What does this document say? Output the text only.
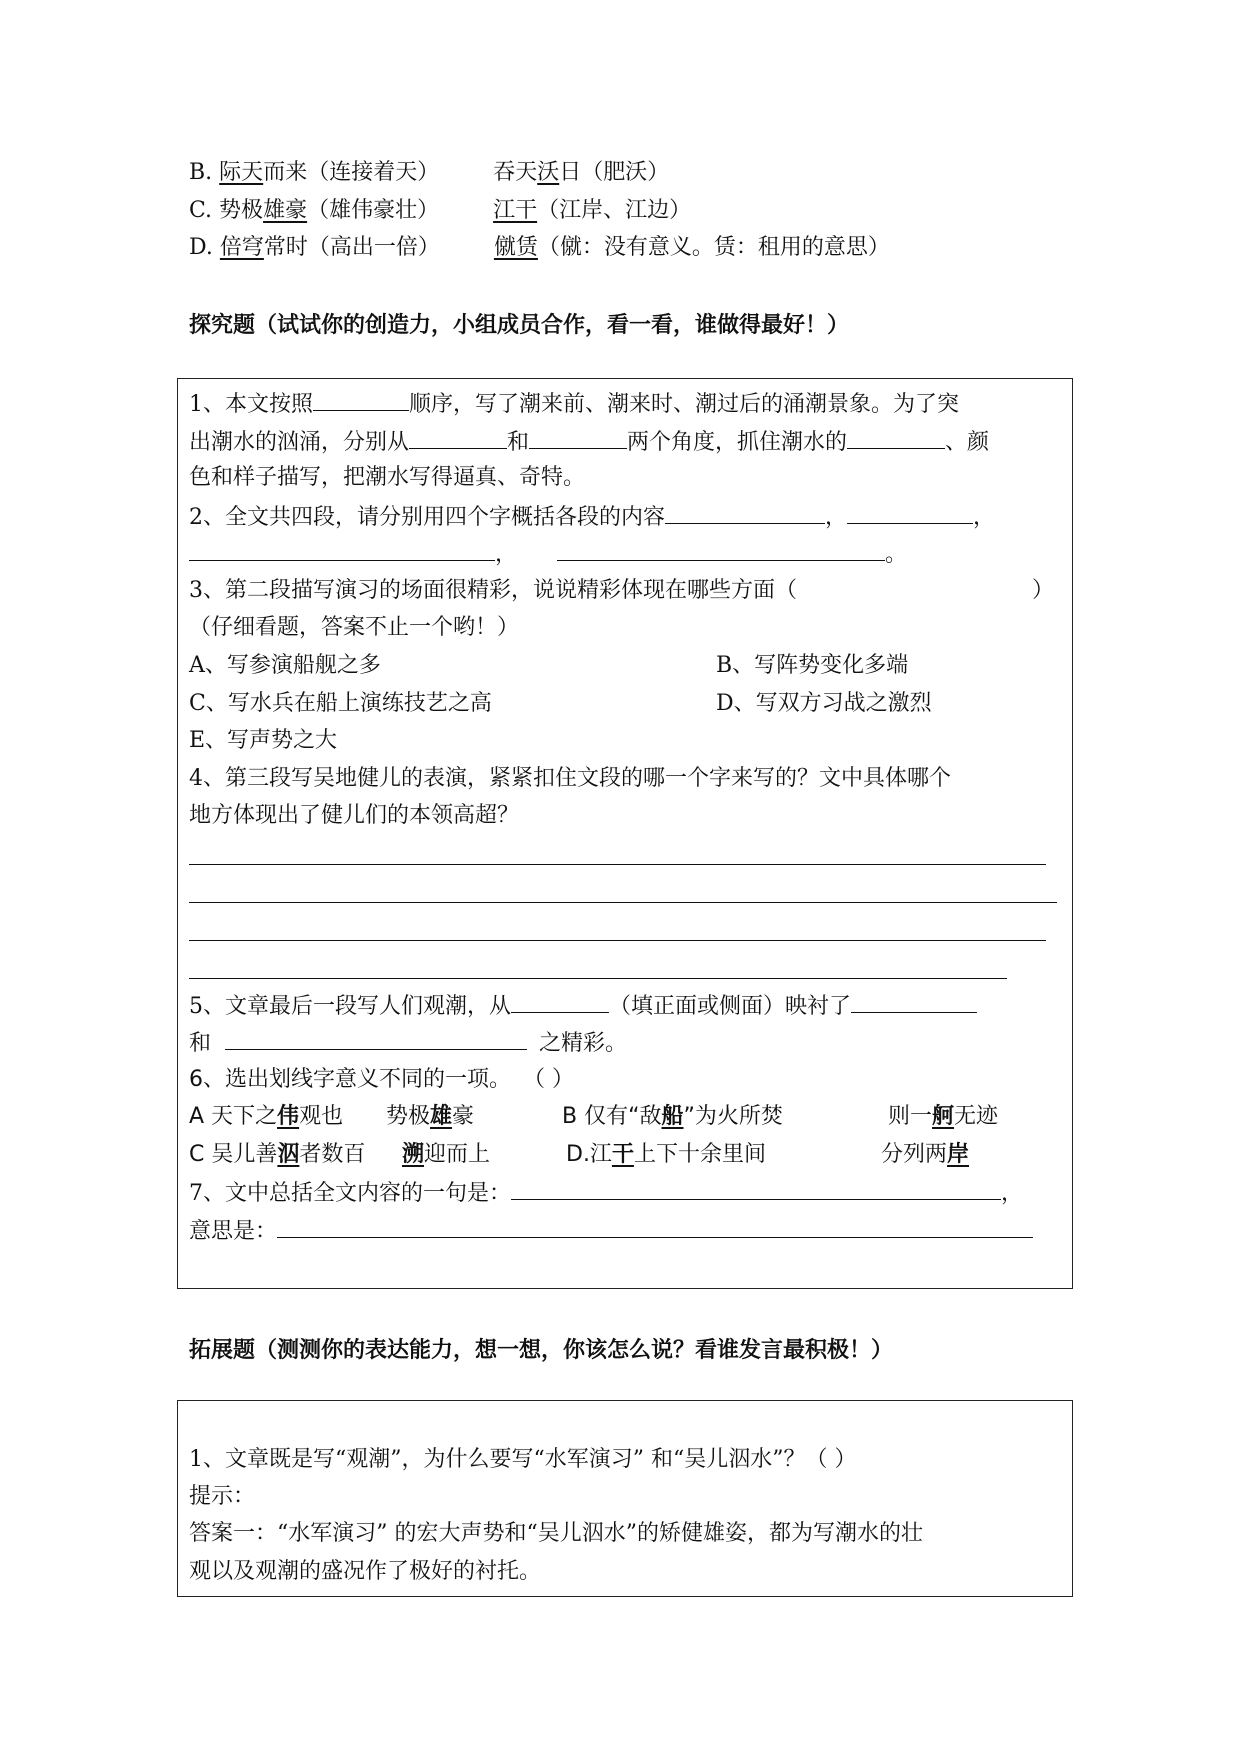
B. 际天而来（连接着天） 吞天沃日（肥沃）
C. 势极雄豪（雄伟豪壮） 江干（江岸、江边）
D. 倍穹常时（高出一倍） 僦赁（僦：没有意义。赁：租用的意思）
探究题（试试你的创造力，小组成员合作，看一看，谁做得最好！）
1、本文按照	顺序，写了潮来前、潮来时、潮过后的涌潮景象。为了突
出潮水的汹涌，分别从	和	两个角度，抓住潮水的	、颜
色和样子描写，把潮水写得逼真、奇特。
2、全文共四段，请分别用四个字概括各段的内容	，	，
，	。
3、第二段描写演习的场面很精彩，说说精彩体现在哪些方面（	）
（仔细看题，答案不止一个哟！）
A、写参演船舰之多	B、写阵势变化多端
C、写水兵在船上演练技艺之高	D、写双方习战之激烈
E、写声势之大
4、第三段写吴地健儿的表演，紧紧扣住文段的哪一个字来写的？文中具体哪个
地方体现出了健儿们的本领高超？
5、文章最后一段写人们观潮，从	（填正面或侧面）映衬了
和	之精彩。
6、选出划线字意义不同的一项。 （ ）
A 天下之伟观也 势极雄豪	B 仅有“敌船”为火所焚	则一舸无迹
C 吴儿善泅者数百 溯迎而上	D.江干上下十余里间	分列两岸
7、文中总括全文内容的一句是：	，
意思是：
拓展题（测测你的表达能力，想一想，你该怎么说？看谁发言最积极！）
1、文章既是写“观潮”，为什么要写“水军演习” 和“吴儿泅水”？（ ）
提示：
答案一：“水军演习” 的宏大声势和“吴儿泅水”的矫健雄姿，都为写潮水的壮
观以及观潮的盛况作了极好的衬托。
